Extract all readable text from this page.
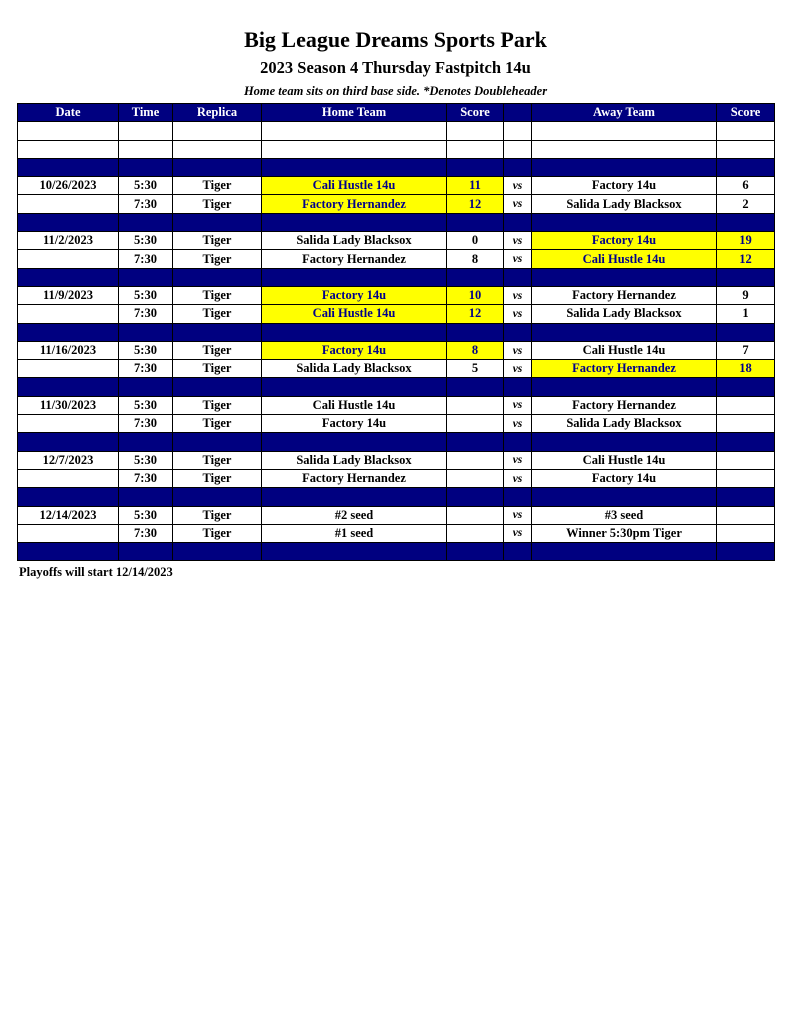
Big League Dreams Sports Park
2023 Season 4 Thursday Fastpitch 14u
Home team sits on third base side. *Denotes Doubleheader
Date	Time	Replica	Home Team	Score		Away Team	Score

10/26/2023	5:30	Tiger	Cali Hustle 14u	11	vs	Factory 14u	6
	7:30	Tiger	Factory Hernandez	12	vs	Salida Lady Blacksox	2

11/2/2023	5:30	Tiger	Salida Lady Blacksox	0	vs	Factory 14u	19
	7:30	Tiger	Factory Hernandez	8	vs	Cali Hustle 14u	12

11/9/2023	5:30	Tiger	Factory 14u	10	vs	Factory Hernandez	9
	7:30	Tiger	Cali Hustle 14u	12	vs	Salida Lady Blacksox	1

11/16/2023	5:30	Tiger	Factory 14u	8	vs	Cali Hustle 14u	7
	7:30	Tiger	Salida Lady Blacksox	5	vs	Factory Hernandez	18

11/30/2023	5:30	Tiger	Cali Hustle 14u		vs	Factory Hernandez	
	7:30	Tiger	Factory 14u		vs	Salida Lady Blacksox	

12/7/2023	5:30	Tiger	Salida Lady Blacksox		vs	Cali Hustle 14u	
	7:30	Tiger	Factory Hernandez		vs	Factory 14u	

12/14/2023	5:30	Tiger	#2 seed		vs	#3 seed	
	7:30	Tiger	#1 seed		vs	Winner 5:30pm Tiger	

Playoffs will start 12/14/2023
